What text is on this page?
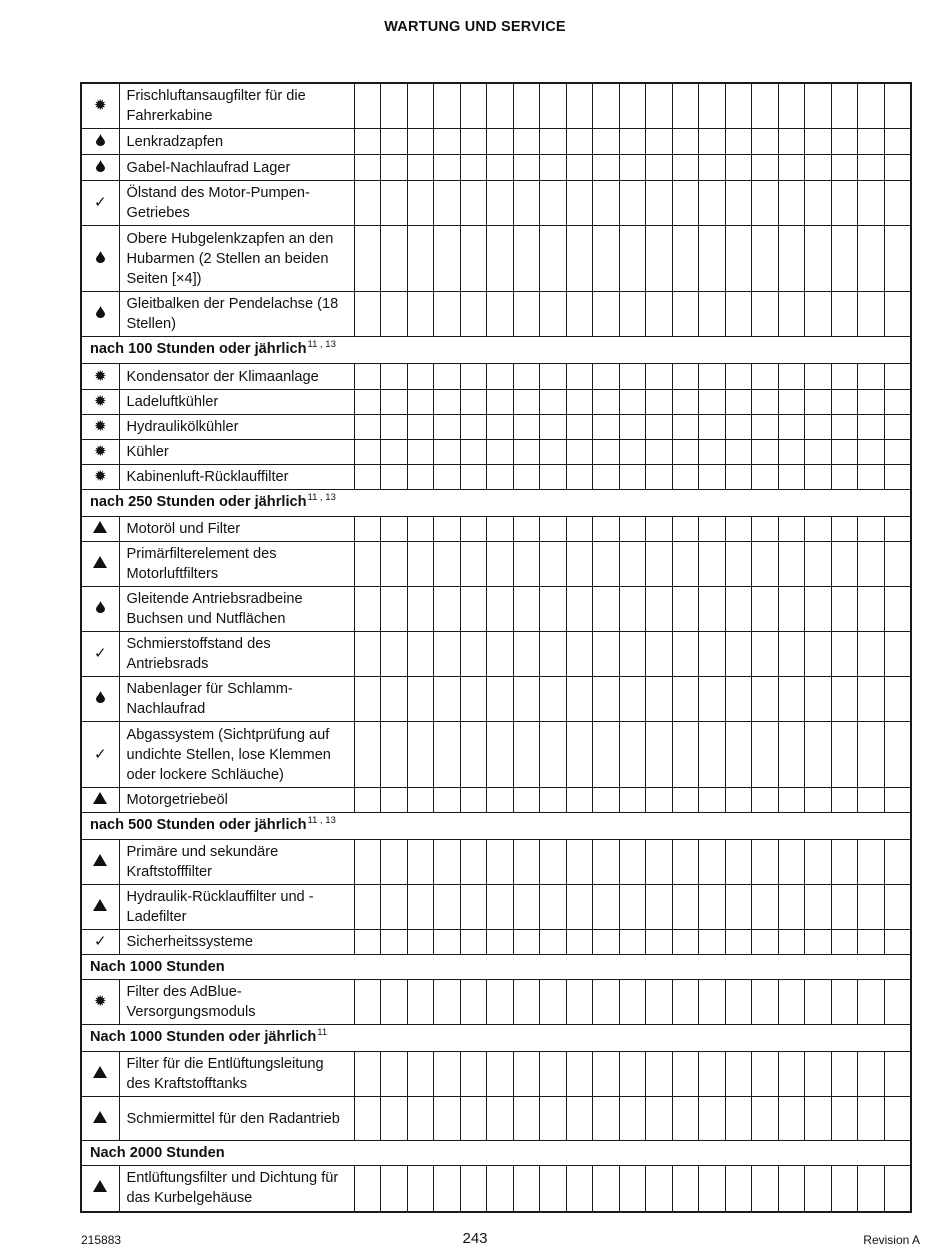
WARTUNG UND SERVICE
✹	Frischluftansaugfilter für die Fahrerkabine																					
	Lenkradzapfen																					
	Gabel-Nachlaufrad Lager																					
✓	Ölstand des Motor-Pumpen-Getriebes																					
	Obere Hubgelenkzapfen an den Hubarmen (2 Stellen an beiden Seiten [×4])																					
	Gleitbalken der Pendelachse (18 Stellen)																					
nach 100 Stunden oder jährlich$^{11 , 13}$
✹	Kondensator der Klimaanlage																					
✹	Ladeluftkühler																					
✹	Hydraulikölkühler																					
✹	Kühler																					
✹	Kabinenluft-Rücklauffilter																					
nach 250 Stunden oder jährlich$^{11 , 13}$
	Motoröl und Filter																					
	Primärfilterelement des Motorluftfilters																					
	Gleitende Antriebsradbeine Buchsen und Nutflächen																					
✓	Schmierstoffstand des Antriebsrads																					
	Nabenlager für Schlamm-Nachlaufrad																					
✓	Abgassystem (Sichtprüfung auf undichte Stellen, lose Klemmen oder lockere Schläuche)																					
	Motorgetriebeöl																					
nach 500 Stunden oder jährlich$^{11 , 13}$
	Primäre und sekundäre Kraftstofffilter																					
	Hydraulik-Rücklauffilter und -Ladefilter																					
✓	Sicherheitssysteme																					
Nach 1000 Stunden																						
✹	Filter des AdBlue-Versorgungsmoduls																					
Nach 1000 Stunden oder jährlich$^{11}$
	Filter für die Entlüftungsleitung des Kraftstofftanks																					
	Schmiermittel für den Radantrieb																					
Nach 2000 Stunden																						
	Entlüftungsfilter und Dichtung für das Kurbelgehäuse																					
215883	243	Revision A
